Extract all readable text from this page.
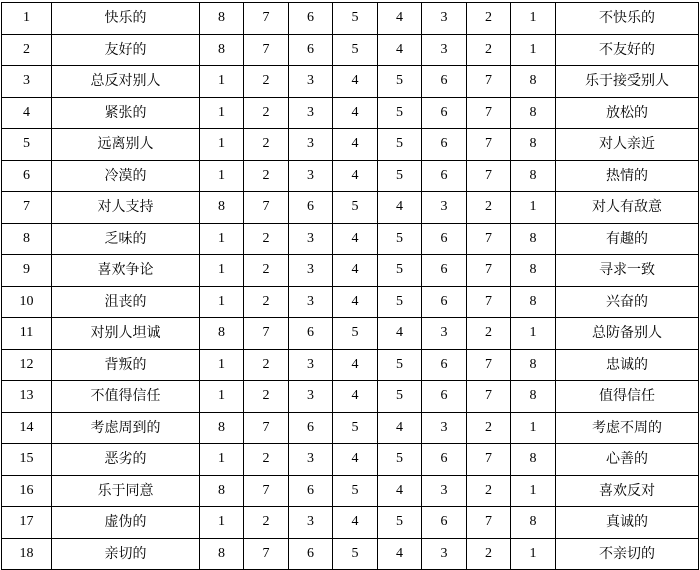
1	快乐的	8	7	6	5	4	3	2	1	不快乐的
2	友好的	8	7	6	5	4	3	2	1	不友好的
3	总反对别人	1	2	3	4	5	6	7	8	乐于接受别人
4	紧张的	1	2	3	4	5	6	7	8	放松的
5	远离别人	1	2	3	4	5	6	7	8	对人亲近
6	冷漠的	1	2	3	4	5	6	7	8	热情的
7	对人支持	8	7	6	5	4	3	2	1	对人有敌意
8	乏味的	1	2	3	4	5	6	7	8	有趣的
9	喜欢争论	1	2	3	4	5	6	7	8	寻求一致
10	沮丧的	1	2	3	4	5	6	7	8	兴奋的
11	对别人坦诚	8	7	6	5	4	3	2	1	总防备别人
12	背叛的	1	2	3	4	5	6	7	8	忠诚的
13	不值得信任	1	2	3	4	5	6	7	8	值得信任
14	考虑周到的	8	7	6	5	4	3	2	1	考虑不周的
15	恶劣的	1	2	3	4	5	6	7	8	心善的
16	乐于同意	8	7	6	5	4	3	2	1	喜欢反对
17	虚伪的	1	2	3	4	5	6	7	8	真诚的
18	亲切的	8	7	6	5	4	3	2	1	不亲切的
